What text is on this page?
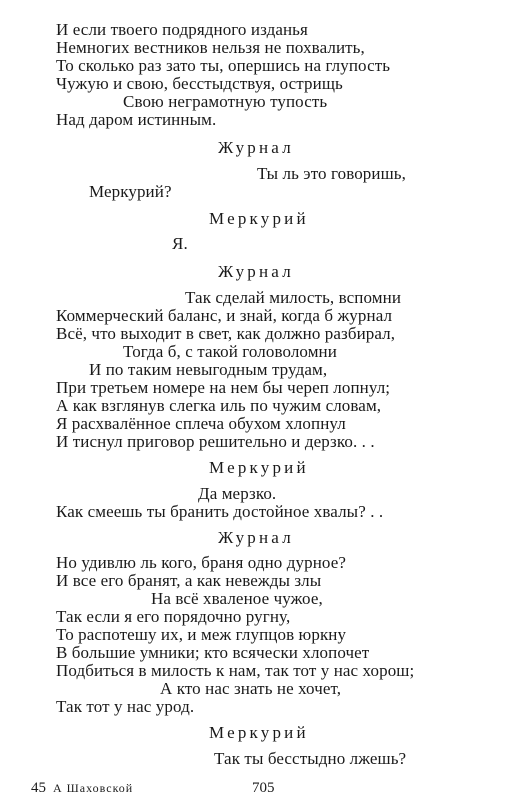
И если твоего подрядного изданья
Немногих вестников нельзя не похвалить,
То сколько раз зато ты, опершись на глупость
Чужую и свою, бесстыдствуя, острищь
Свою неграмотную тупость
Над даром истинным.
Журнал
Ты ль это говоришь,
Меркурий?
Меркурий
Я.
Журнал
Так сделай милость, вспомни
Коммерческий баланс, и знай, когда б журнал
Всё, что выходит в свет, как должно разбирал,
Тогда б, с такой головоломни
И по таким невыгодным трудам,
При третьем номере на нем бы череп лопнул;
А как взглянув слегка иль по чужим словам,
Я расхвалённое сплеча обухом хлопнул
И тиснул приговор решительно и дерзко. . .
Меркурий
Да мерзко.
Как смеешь ты бранить достойное хвалы? . .
Журнал
Но удивлю ль кого, браня одно дурное?
И все его бранят, а как невежды злы
На всё хваленое чужое,
Так если я его порядочно ругну,
То распотешу их, и меж глупцов юркну
В большие умники; кто всячески хлопочет
Подбиться в милость к нам, так тот у нас хорош;
А кто нас знать не хочет,
Так тот у нас урод.
Меркурий
Так ты бесстыдно лжешь?
45 А Шаховской	705
